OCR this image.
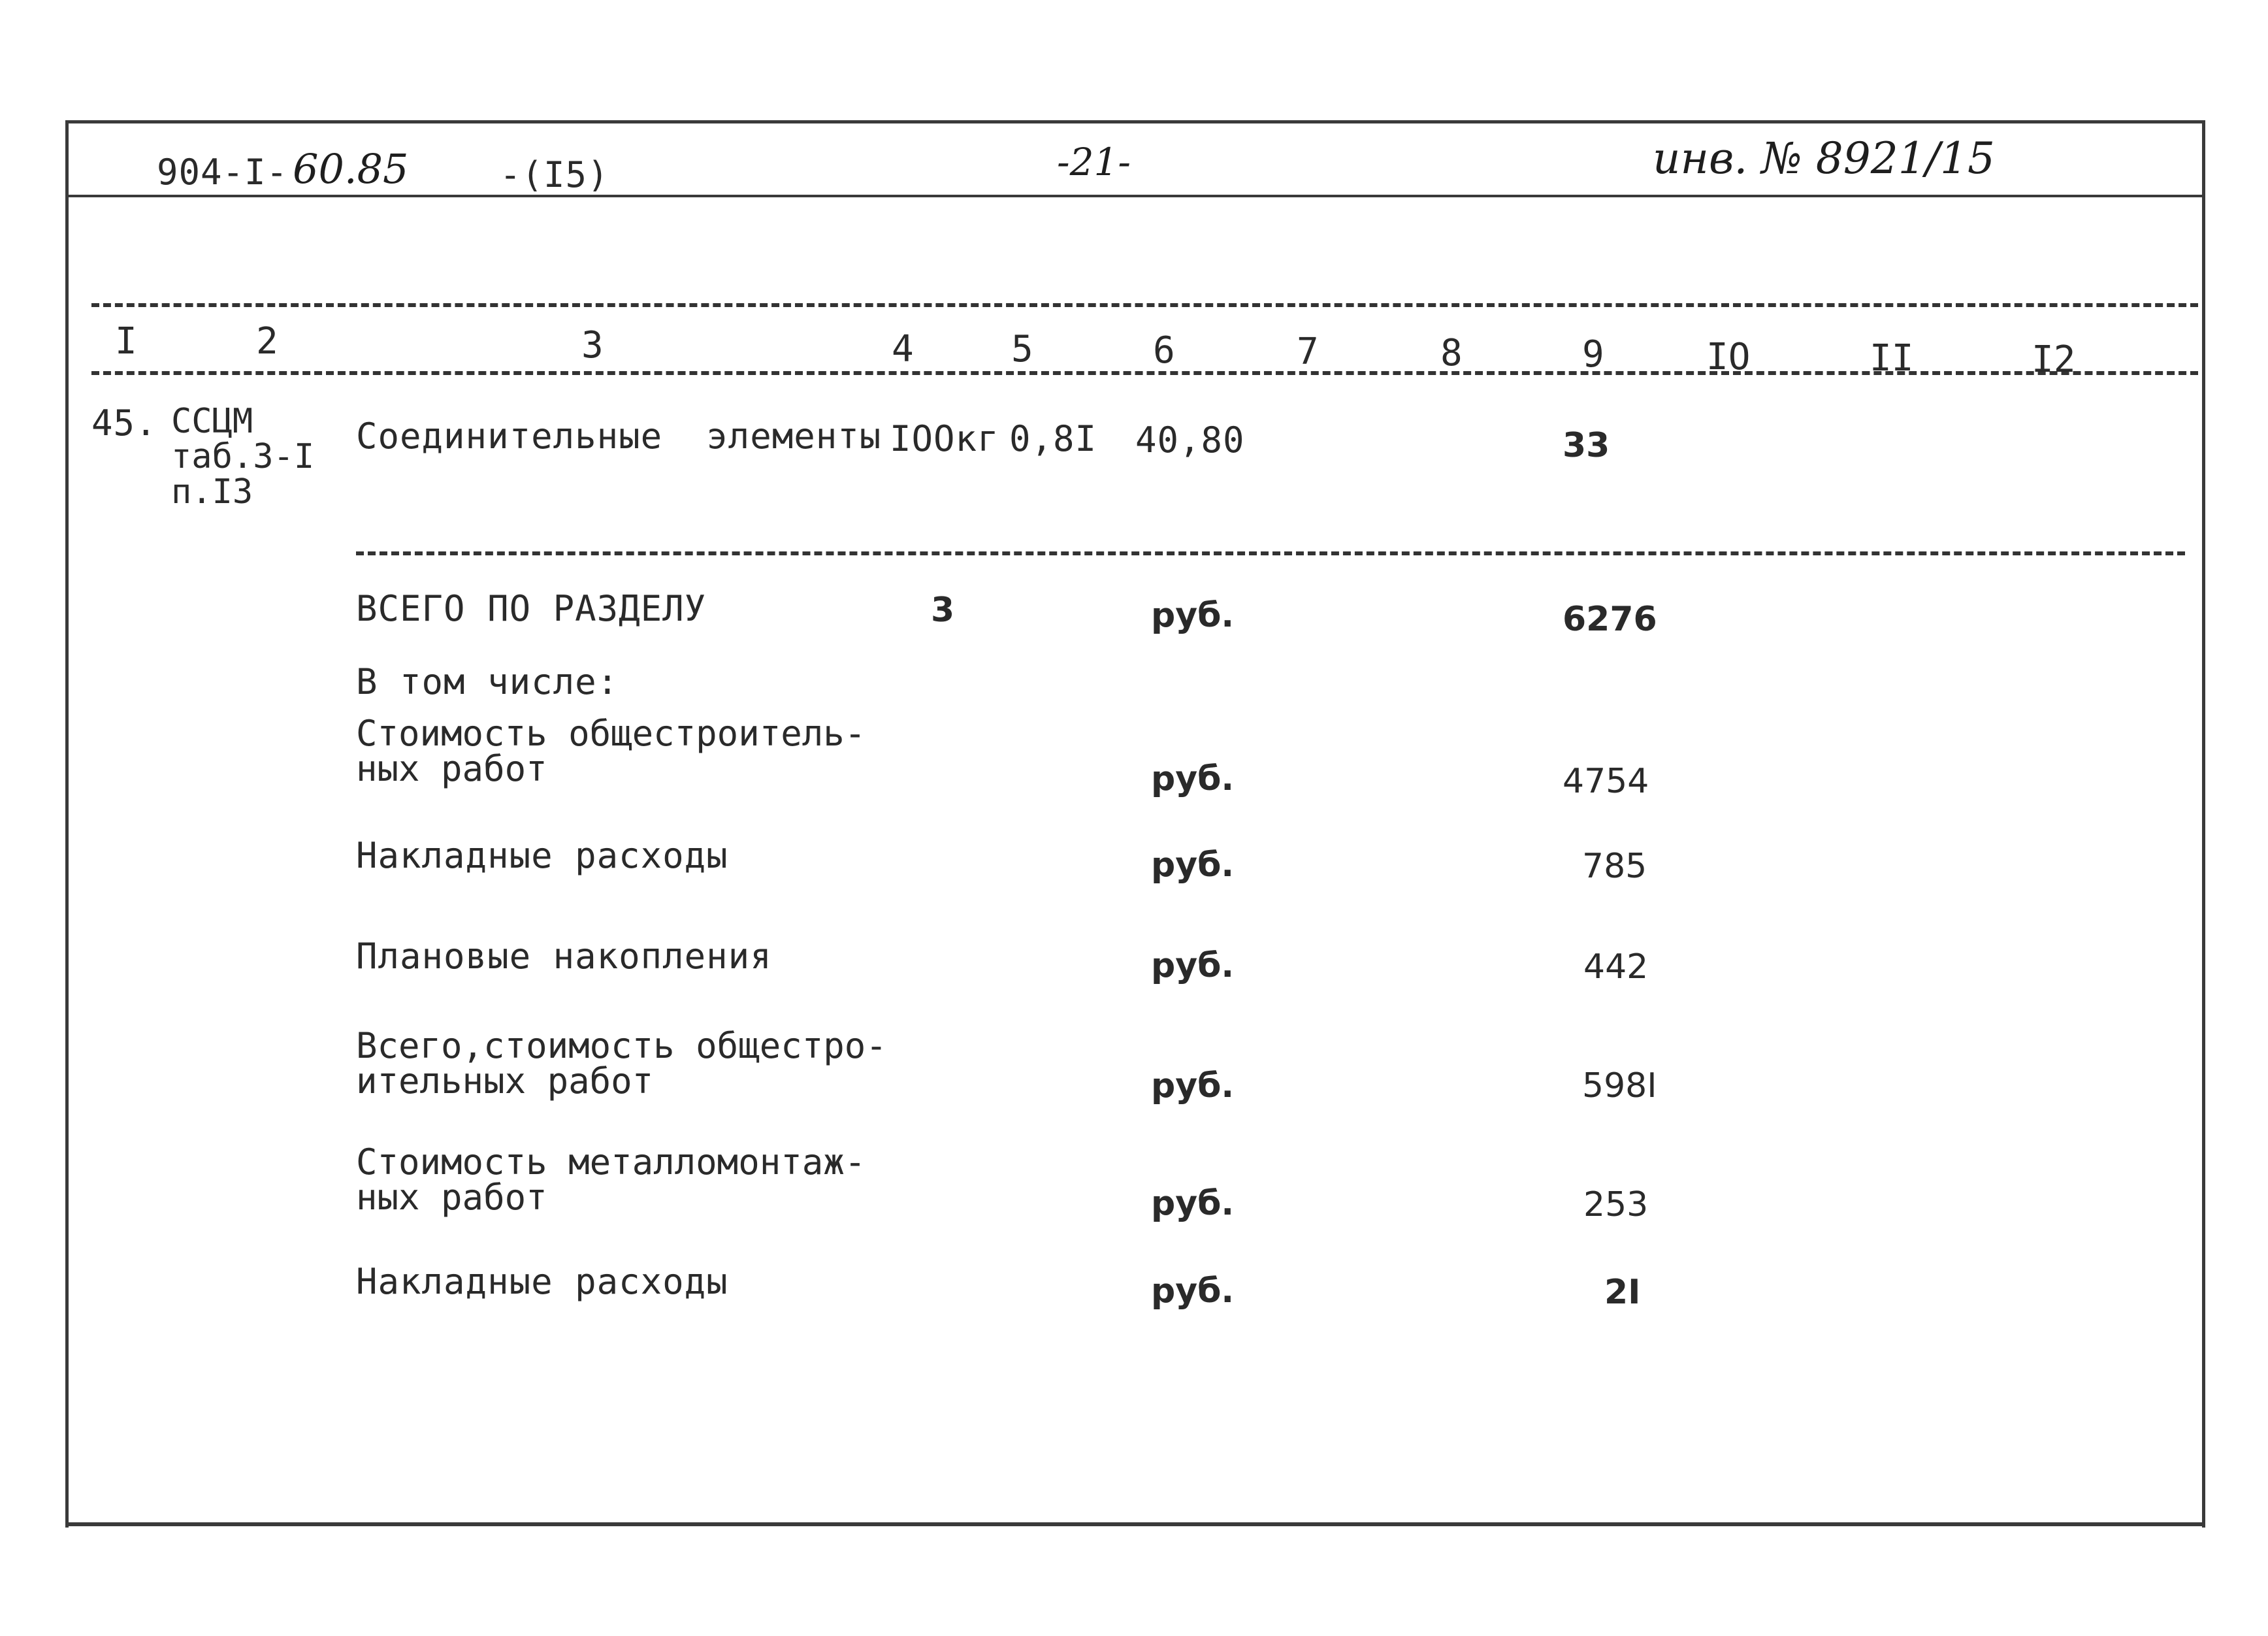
904-I- 60.85	-(I5)	-21-	инв. № 8921/15
I	2	3	4	5	6	7	8	9	IO	II	I2
45. ССЦМ
таб.3-I
п.I3
Соединительные  элементы IOOкг 0,8I 40,80	33
ВСЕГО ПО РАЗДЕЛУ	3	руб.	6276
В том числе:
Стоимость общестроитель-
ных работ	руб.	4754
Накладные расходы	руб.	785
Плановые накопления	руб.	442
Всего,стоимость общестро-
ительных работ	руб.	598I
Стоимость металломонтаж-
ных работ	руб.	253
Накладные расходы	руб.	2I
